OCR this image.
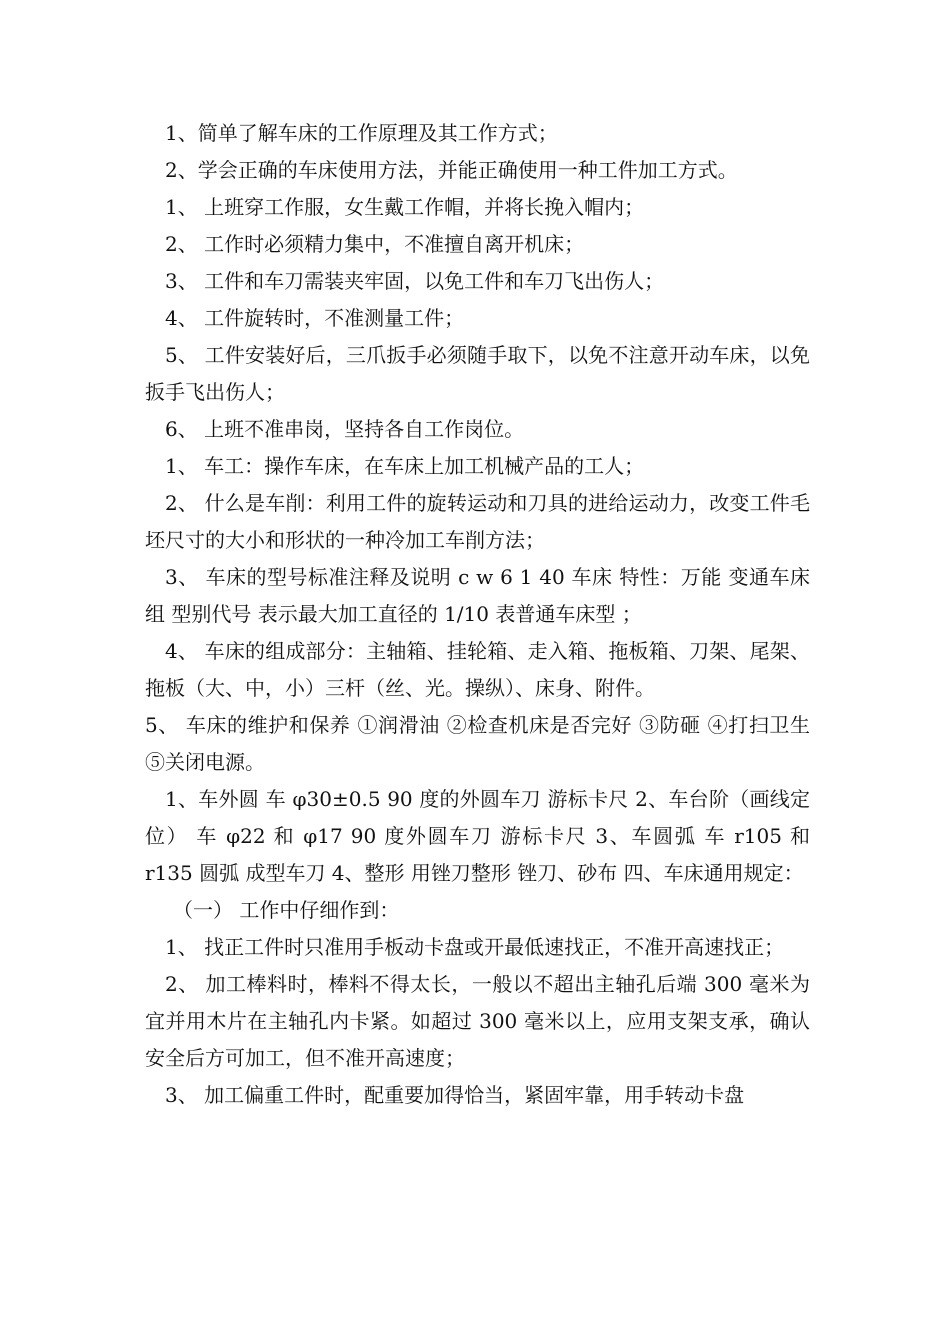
1、简单了解车床的工作原理及其工作方式；

2、学会正确的车床使用方法，并能正确使用一种工件加工方式。

1、 上班穿工作服，女生戴工作帽，并将长挽入帽内；

2、 工作时必须精力集中，不准擅自离开机床；

3、 工件和车刀需装夹牢固，以免工件和车刀飞出伤人；

4、 工件旋转时，不准测量工件；

5、 工件安装好后，三爪扳手必须随手取下，以免不注意开动车床，以免扳手飞出伤人；

6、 上班不准串岗，坚持各自工作岗位。

1、 车工：操作车床，在车床上加工机械产品的工人；

2、 什么是车削：利用工件的旋转运动和刀具的进给运动力，改变工件毛坯尺寸的大小和形状的一种冷加工车削方法；

3、 车床的型号标准注释及说明 c w 6 1 40 车床 特性：万能 变通车床组 型别代号 表示最大加工直径的 1/10 表普通车床型 ；

4、 车床的组成部分：主轴箱、挂轮箱、走入箱、拖板箱、刀架、尾架、拖板（大、中，小）三杆（丝、光。操纵）、床身、附件。

5、 车床的维护和保养 ①润滑油 ②检查机床是否完好 ③防砸 ④打扫卫生 ⑤关闭电源。

1、车外圆 车 φ30±0.5 90 度的外圆车刀 游标卡尺 2、车台阶（画线定位） 车 φ22 和 φ17 90 度外圆车刀 游标卡尺 3、车圆弧 车 r105 和 r135 圆弧 成型车刀 4、整形 用锉刀整形 锉刀、砂布 四、车床通用规定：

（一） 工作中仔细作到：

1、 找正工件时只准用手板动卡盘或开最低速找正，不准开高速找正；

2、 加工棒料时，棒料不得太长，一般以不超出主轴孔后端 300 毫米为宜并用木片在主轴孔内卡紧。如超过 300 毫米以上，应用支架支承，确认安全后方可加工，但不准开高速度；

3、 加工偏重工件时，配重要加得恰当，紧固牢靠，用手转动卡盘
